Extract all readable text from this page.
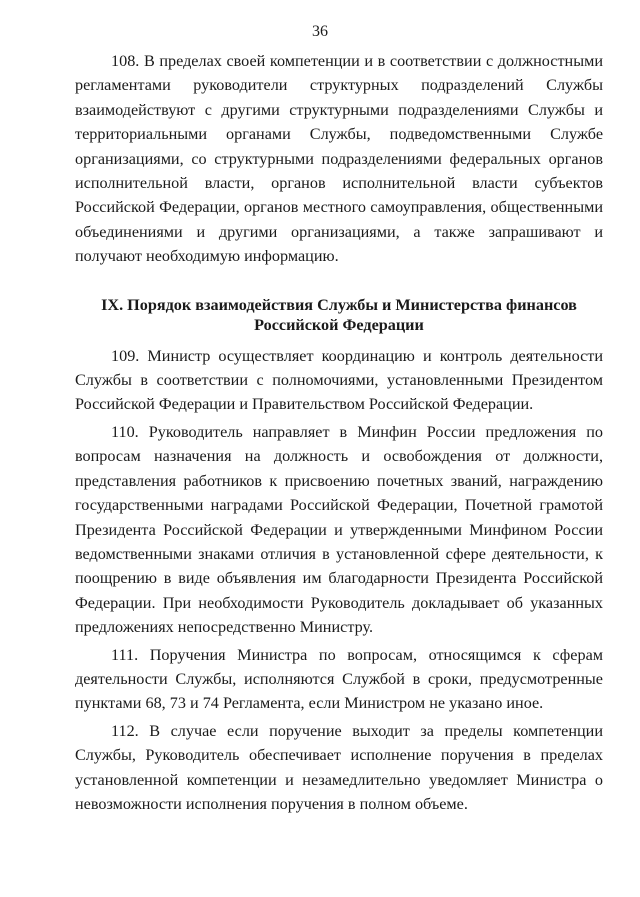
36

108. В пределах своей компетенции и в соответствии с должностными регламентами руководители структурных подразделений Службы взаимодействуют с другими структурными подразделениями Службы и территориальными органами Службы, подведомственными Службе организациями, со структурными подразделениями федеральных органов исполнительной власти, органов исполнительной власти субъектов Российской Федерации, органов местного самоуправления, общественными объединениями и другими организациями, а также запрашивают и получают необходимую информацию.

IX. Порядок взаимодействия Службы и Министерства финансов
Российской Федерации

109. Министр осуществляет координацию и контроль деятельности Службы в соответствии с полномочиями, установленными Президентом Российской Федерации и Правительством Российской Федерации.

110. Руководитель направляет в Минфин России предложения по вопросам назначения на должность и освобождения от должности, представления работников к присвоению почетных званий, награждению государственными наградами Российской Федерации, Почетной грамотой Президента Российской Федерации и утвержденными Минфином России ведомственными знаками отличия в установленной сфере деятельности, к поощрению в виде объявления им благодарности Президента Российской Федерации. При необходимости Руководитель докладывает об указанных предложениях непосредственно Министру.

111. Поручения Министра по вопросам, относящимся к сферам деятельности Службы, исполняются Службой в сроки, предусмотренные пунктами 68, 73 и 74 Регламента, если Министром не указано иное.

112. В случае если поручение выходит за пределы компетенции Службы, Руководитель обеспечивает исполнение поручения в пределах установленной компетенции и незамедлительно уведомляет Министра о невозможности исполнения поручения в полном объеме.
